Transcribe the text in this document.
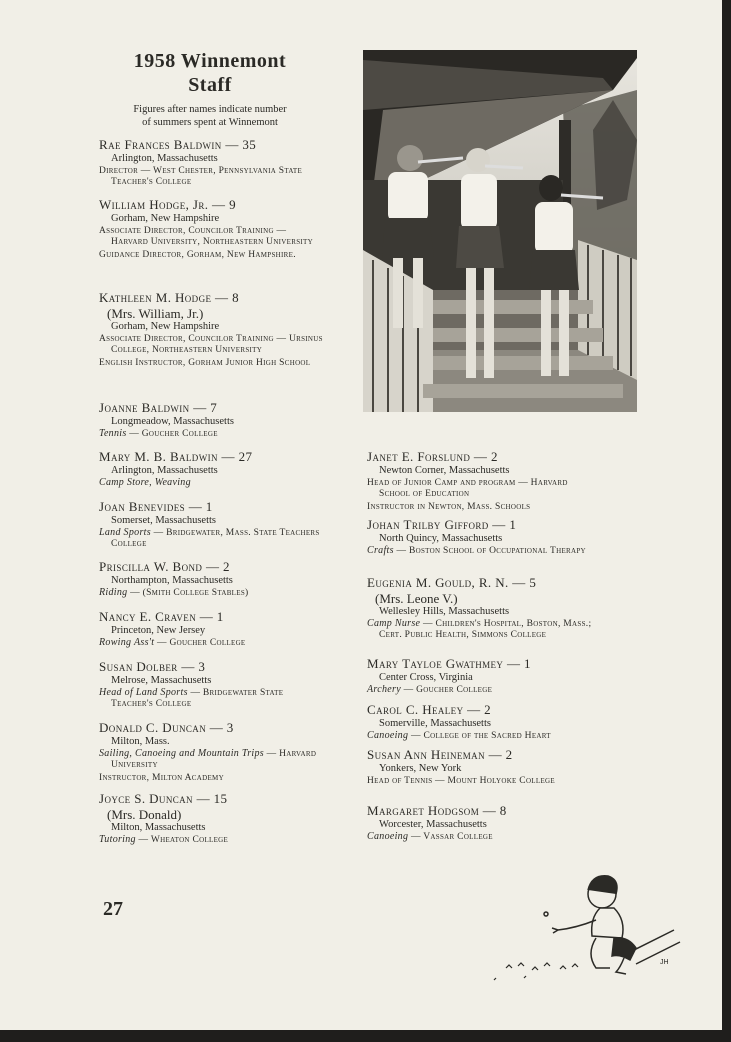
1958 Winnemont
Staff
Figures after names indicate number
of summers spent at Winnemont
Rae Frances Baldwin — 35
Arlington, Massachusetts
Director — West Chester, Pennsylvania State Teacher's College
William Hodge, Jr. — 9
Gorham, New Hampshire
Associate Director, Councilor Training — Harvard University, Northeastern University
Guidance Director, Gorham, New Hampshire.
Kathleen M. Hodge — 8
(Mrs. William, Jr.)
Gorham, New Hampshire
Associate Director, Councilor Training — Ursinus College, Northeastern University
English Instructor, Gorham Junior High School
Joanne Baldwin — 7
Longmeadow, Massachusetts
Tennis — Goucher College
Mary M. B. Baldwin — 27
Arlington, Massachusetts
Camp Store, Weaving
Joan Benevides — 1
Somerset, Massachusetts
Land Sports — Bridgewater, Mass. State Teachers College
Priscilla W. Bond — 2
Northampton, Massachusetts
Riding — (Smith College Stables)
Nancy E. Craven — 1
Princeton, New Jersey
Rowing Ass't — Goucher College
Susan Dolber — 3
Melrose, Massachusetts
Head of Land Sports — Bridgewater State Teacher's College
Donald C. Duncan — 3
Milton, Mass.
Sailing, Canoeing and Mountain Trips — Harvard University
Instructor, Milton Academy
Joyce S. Duncan — 15
(Mrs. Donald)
Milton, Massachusetts
Tutoring — Wheaton College
Janet E. Forslund — 2
Newton Corner, Massachusetts
Head of Junior Camp and program — Harvard School of Education
Instructor in Newton, Mass. Schools
Johan Trilby Gifford — 1
North Quincy, Massachusetts
Crafts — Boston School of Occupational Therapy
Eugenia M. Gould, R. N. — 5
(Mrs. Leone V.)
Wellesley Hills, Massachusetts
Camp Nurse — Children's Hospital, Boston, Mass.; Cert. Public Health, Simmons College
Mary Tayloe Gwathmey — 1
Center Cross, Virginia
Archery — Goucher College
Carol C. Healey — 2
Somerville, Massachusetts
Canoeing — College of the Sacred Heart
Susan Ann Heineman — 2
Yonkers, New York
Head of Tennis — Mount Holyoke College
Margaret Hodgsom — 8
Worcester, Massachusetts
Canoeing — Vassar College
27
JH
